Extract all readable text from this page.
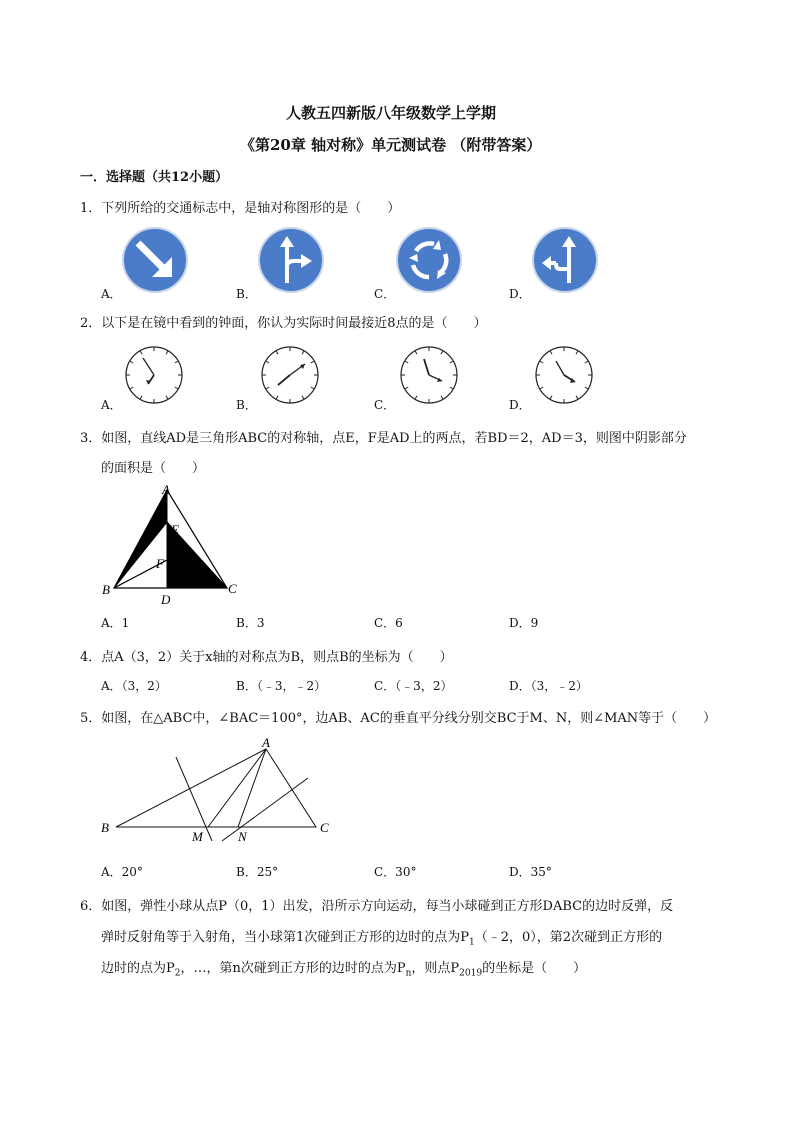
人教五四新版八年级数学上学期
《第20章 轴对称》单元测试卷 （附带答案）
一．选择题（共12小题）
1．下列所给的交通标志中，是轴对称图形的是（　　）
A．	B．	C．	D．
2．以下是在镜中看到的钟面，你认为实际时间最接近8点的是（　　）
A．	B．	C．	D．
3．如图，直线AD是三角形ABC的对称轴，点E，F是AD上的两点，若BD＝2，AD＝3，则图中阴影部分
的面积是（　　）
A
B	C
D
E
F
A．1	B．3	C．6	D．9
4．点A（3，2）关于x轴的对称点为B，则点B的坐标为（　　）
A．（3，2）	B．（﹣3，﹣2）	C．（﹣3，2）	D．（3，﹣2）
5．如图，在△ABC中，∠BAC＝100°，边AB、AC的垂直平分线分别交BC于M、N，则∠MAN等于（　　）
A
B	C
M	N
A．20°	B．25°	C．30°	D．35°
6．如图，弹性小球从点P（0，1）出发，沿所示方向运动，每当小球碰到正方形DABC的边时反弹，反
弹时反射角等于入射角，当小球第1次碰到正方形的边时的点为$P_1(﹣2$，0），第2次碰到正方形的
边时的点为$P_2$，…，第n次碰到正方形的边时的点为$P_n$，则点$P_{2019}$的坐标是（　　）
